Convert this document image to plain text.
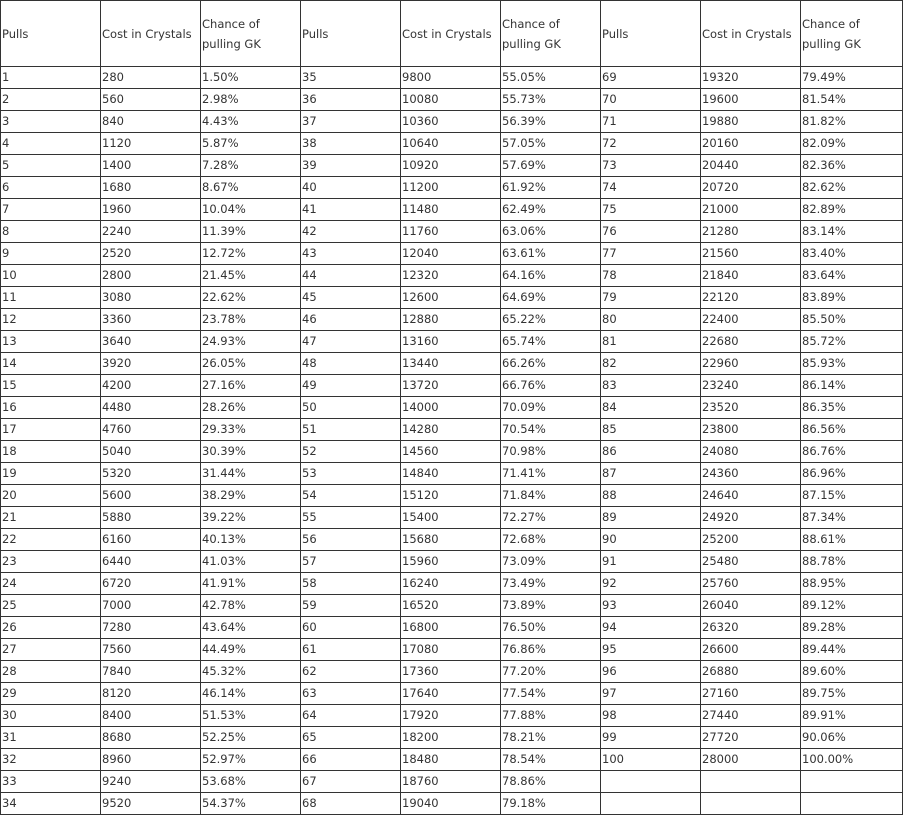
Pulls	Cost in Crystals	Chance of pulling GK	Pulls	Cost in Crystals	Chance of pulling GK	Pulls	Cost in Crystals	Chance of pulling GK
1	280	1.50%	35	9800	55.05%	69	19320	79.49%
2	560	2.98%	36	10080	55.73%	70	19600	81.54%
3	840	4.43%	37	10360	56.39%	71	19880	81.82%
4	1120	5.87%	38	10640	57.05%	72	20160	82.09%
5	1400	7.28%	39	10920	57.69%	73	20440	82.36%
6	1680	8.67%	40	11200	61.92%	74	20720	82.62%
7	1960	10.04%	41	11480	62.49%	75	21000	82.89%
8	2240	11.39%	42	11760	63.06%	76	21280	83.14%
9	2520	12.72%	43	12040	63.61%	77	21560	83.40%
10	2800	21.45%	44	12320	64.16%	78	21840	83.64%
11	3080	22.62%	45	12600	64.69%	79	22120	83.89%
12	3360	23.78%	46	12880	65.22%	80	22400	85.50%
13	3640	24.93%	47	13160	65.74%	81	22680	85.72%
14	3920	26.05%	48	13440	66.26%	82	22960	85.93%
15	4200	27.16%	49	13720	66.76%	83	23240	86.14%
16	4480	28.26%	50	14000	70.09%	84	23520	86.35%
17	4760	29.33%	51	14280	70.54%	85	23800	86.56%
18	5040	30.39%	52	14560	70.98%	86	24080	86.76%
19	5320	31.44%	53	14840	71.41%	87	24360	86.96%
20	5600	38.29%	54	15120	71.84%	88	24640	87.15%
21	5880	39.22%	55	15400	72.27%	89	24920	87.34%
22	6160	40.13%	56	15680	72.68%	90	25200	88.61%
23	6440	41.03%	57	15960	73.09%	91	25480	88.78%
24	6720	41.91%	58	16240	73.49%	92	25760	88.95%
25	7000	42.78%	59	16520	73.89%	93	26040	89.12%
26	7280	43.64%	60	16800	76.50%	94	26320	89.28%
27	7560	44.49%	61	17080	76.86%	95	26600	89.44%
28	7840	45.32%	62	17360	77.20%	96	26880	89.60%
29	8120	46.14%	63	17640	77.54%	97	27160	89.75%
30	8400	51.53%	64	17920	77.88%	98	27440	89.91%
31	8680	52.25%	65	18200	78.21%	99	27720	90.06%
32	8960	52.97%	66	18480	78.54%	100	28000	100.00%
33	9240	53.68%	67	18760	78.86%			
34	9520	54.37%	68	19040	79.18%			
